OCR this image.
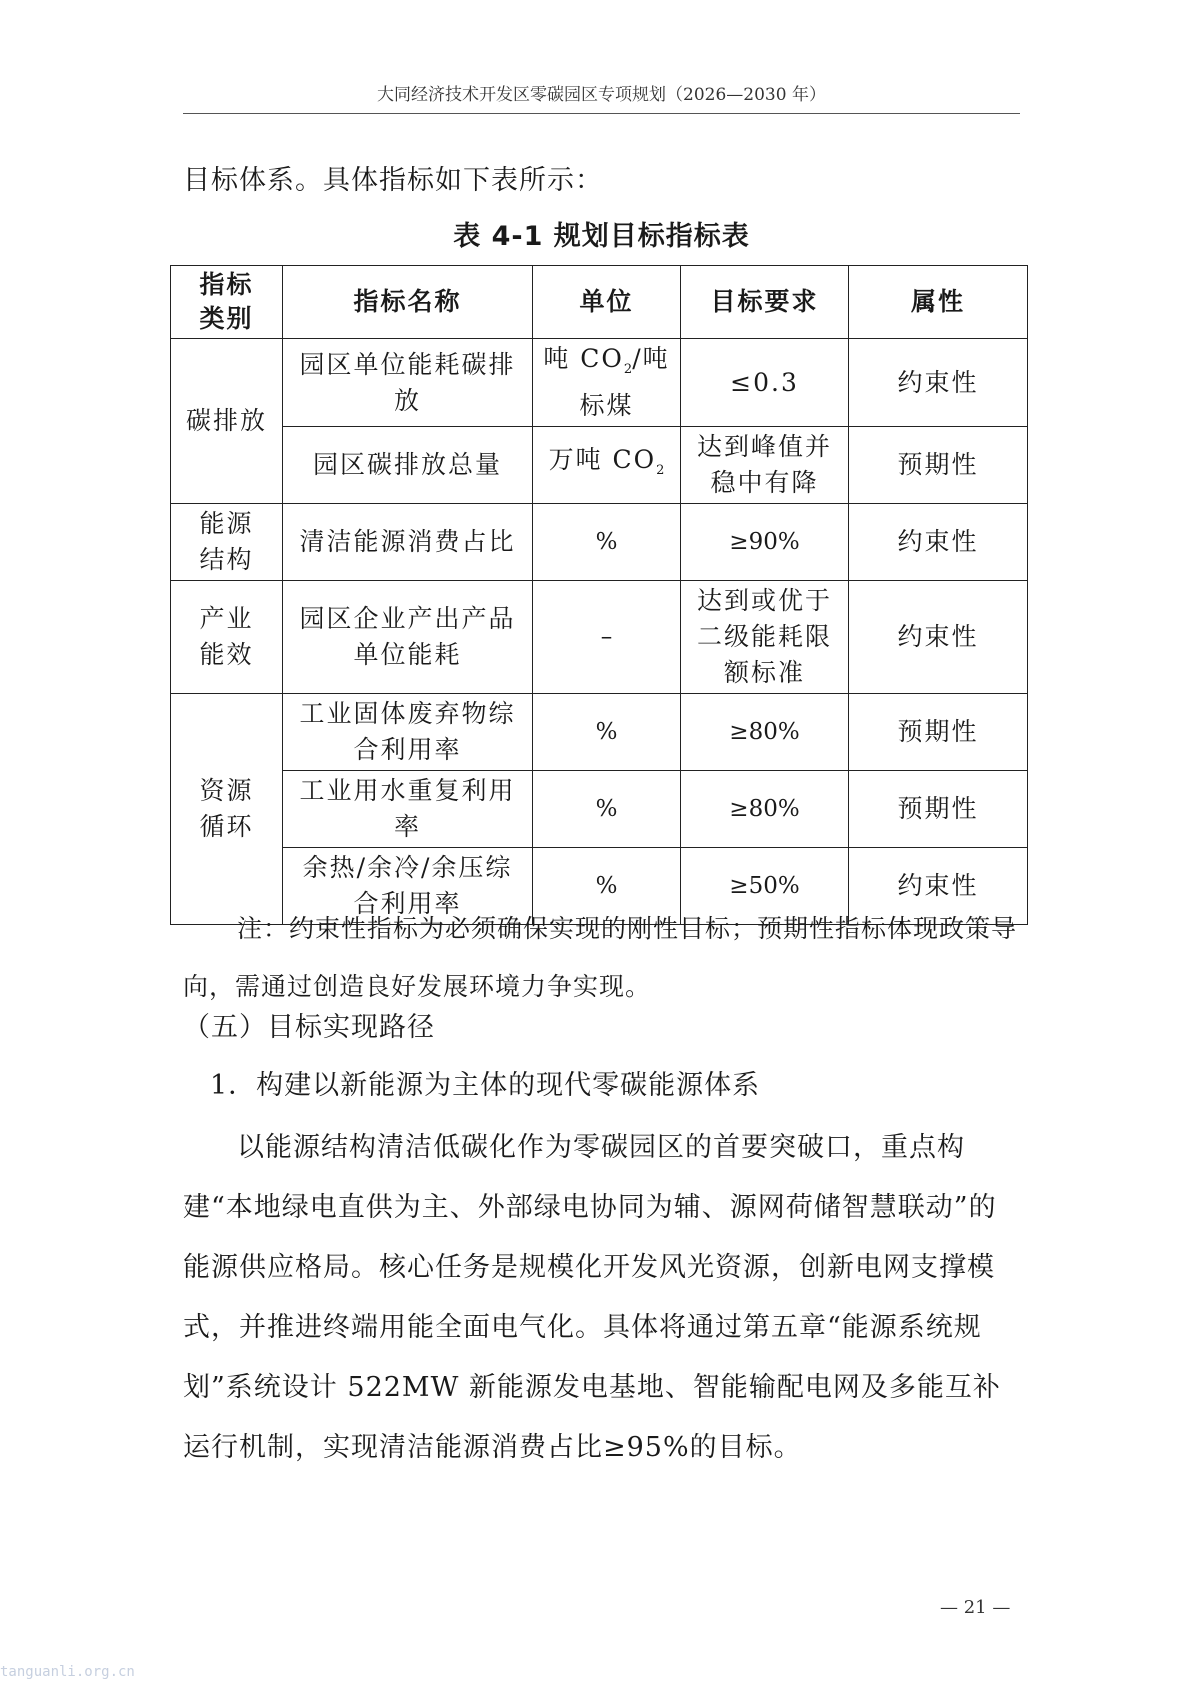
大同经济技术开发区零碳园区专项规划（2026—2030 年）

目标体系。具体指标如下表所示：

表 4-1 规划目标指标表
指标
类别	指标名称	单位	目标要求	属性
碳排放	园区单位能耗碳排放	吨 $CO_2/$吨标煤	≤0.3	约束性
	园区碳排放总量	万吨 $CO_2$	达到峰值并稳中有降	预期性

能源
结构	清洁能源消费占比	%	≥90%	约束性

产业
能效	园区企业产出产品单位能耗	–	达到或优于二级能耗限额标准	约束性

资源
循环	工业固体废弃物综合利用率	%	≥80%	预期性
	工业用水重复利用率	%	≥80%	预期性
	余热/余冷/余压综合利用率	%	≥50%	约束性

注：约束性指标为必须确保实现的刚性目标；预期性指标体现政策导向，需通过创造良好发展环境力争实现。

（五）目标实现路径
1．构建以新能源为主体的现代零碳能源体系

以能源结构清洁低碳化作为零碳园区的首要突破口，重点构建“本地绿电直供为主、外部绿电协同为辅、源网荷储智慧联动”的能源供应格局。核心任务是规模化开发风光资源，创新电网支撑模式，并推进终端用能全面电气化。具体将通过第五章“能源系统规划”系统设计 522MW 新能源发电基地、智能输配电网及多能互补运行机制，实现清洁能源消费占比≥95%的目标。

— 21 —
tanguanli.org.cn
